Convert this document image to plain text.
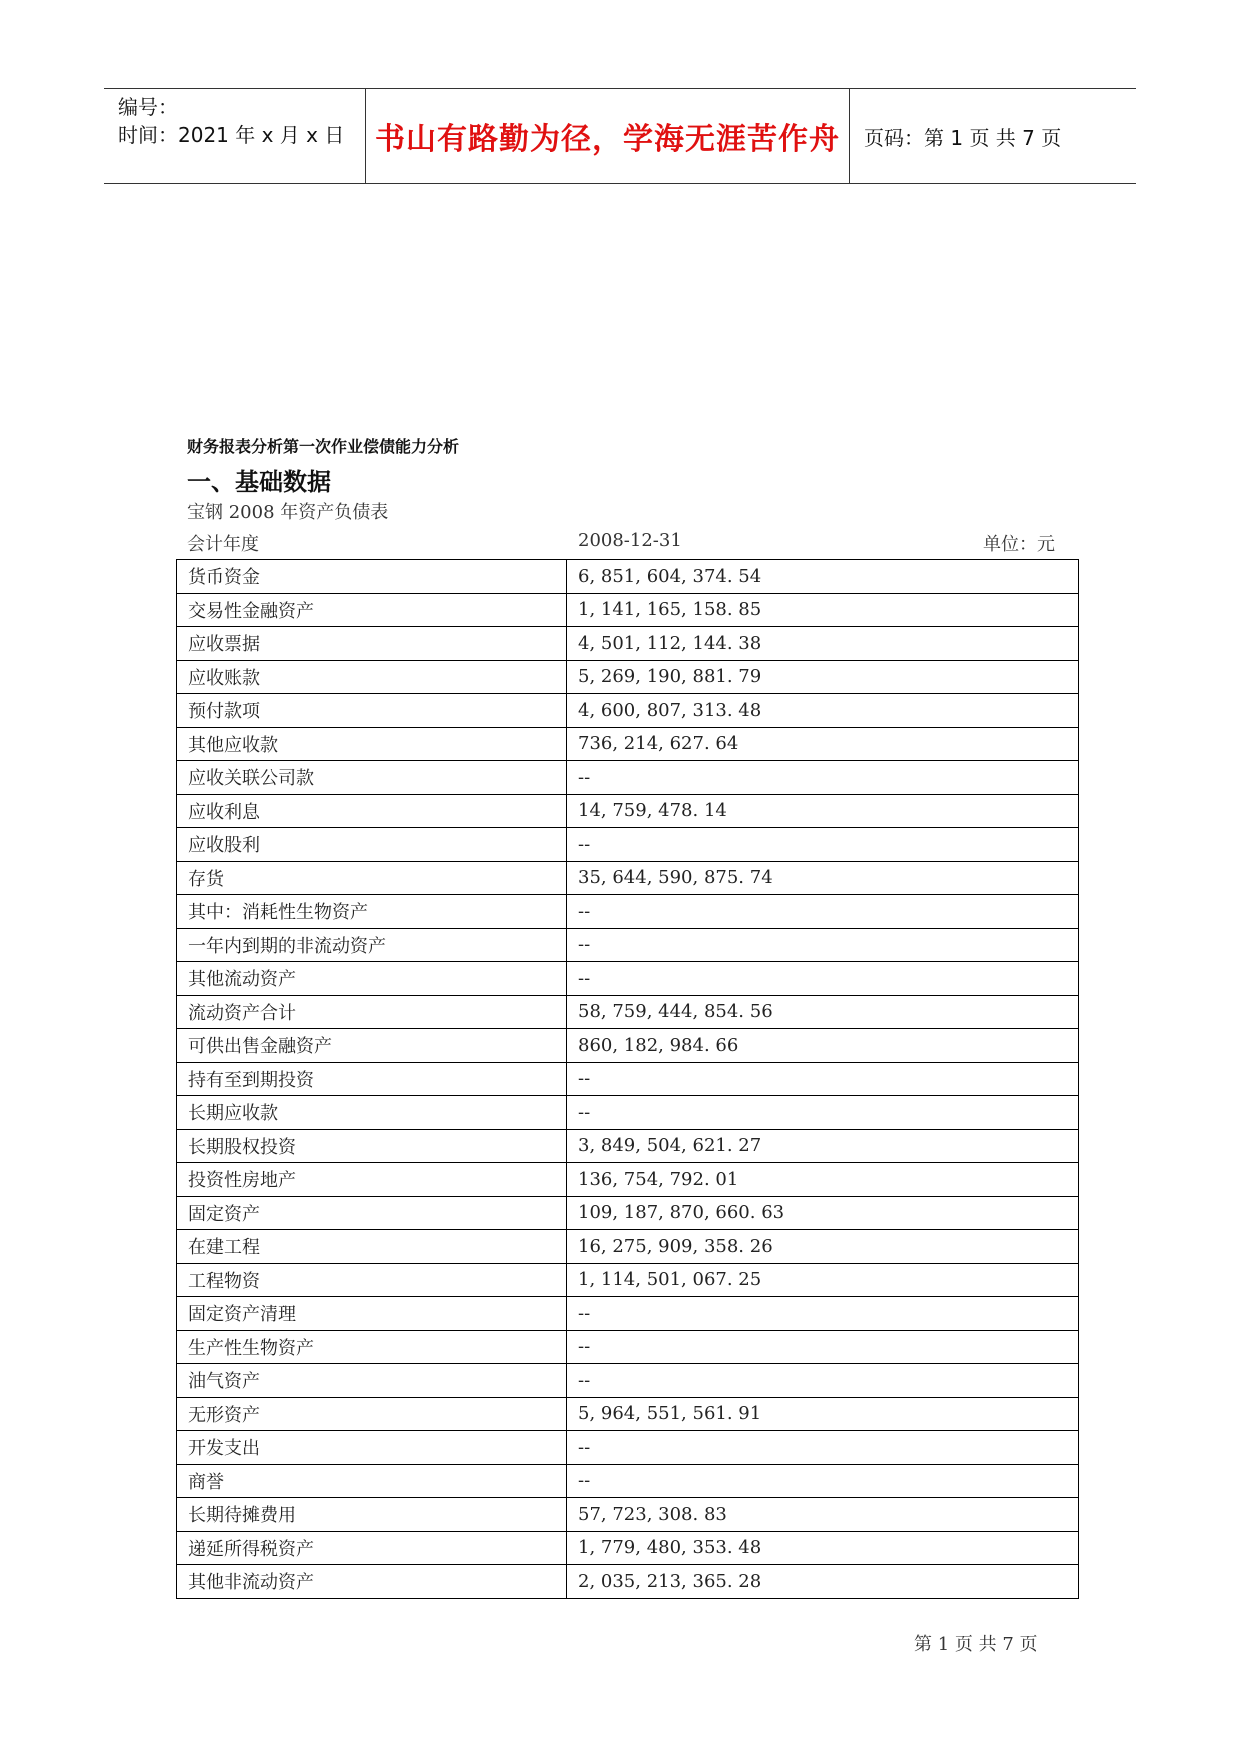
编号：
时间：2021 年 x 月 x 日 书山有路勤为径，学海无涯苦作舟 页码：第 1 页 共 7 页
财务报表分析第一次作业偿债能力分析
一、基础数据
宝钢 2008 年资产负债表
会计年度	2008-12-31	单位：元
货币资金	6, 851, 604, 374. 54
交易性金融资产	1, 141, 165, 158. 85
应收票据	4, 501, 112, 144. 38
应收账款	5, 269, 190, 881. 79
预付款项	4, 600, 807, 313. 48
其他应收款	736, 214, 627. 64
应收关联公司款	--
应收利息	14, 759, 478. 14
应收股利	--
存货	35, 644, 590, 875. 74
其中：消耗性生物资产	--
一年内到期的非流动资产	--
其他流动资产	--
流动资产合计	58, 759, 444, 854. 56
可供出售金融资产	860, 182, 984. 66
持有至到期投资	--
长期应收款	--
长期股权投资	3, 849, 504, 621. 27
投资性房地产	136, 754, 792. 01
固定资产	109, 187, 870, 660. 63
在建工程	16, 275, 909, 358. 26
工程物资	1, 114, 501, 067. 25
固定资产清理	--
生产性生物资产	--
油气资产	--
无形资产	5, 964, 551, 561. 91
开发支出	--
商誉	--
长期待摊费用	57, 723, 308. 83
递延所得税资产	1, 779, 480, 353. 48
其他非流动资产	2, 035, 213, 365. 28
第 1 页 共 7 页
